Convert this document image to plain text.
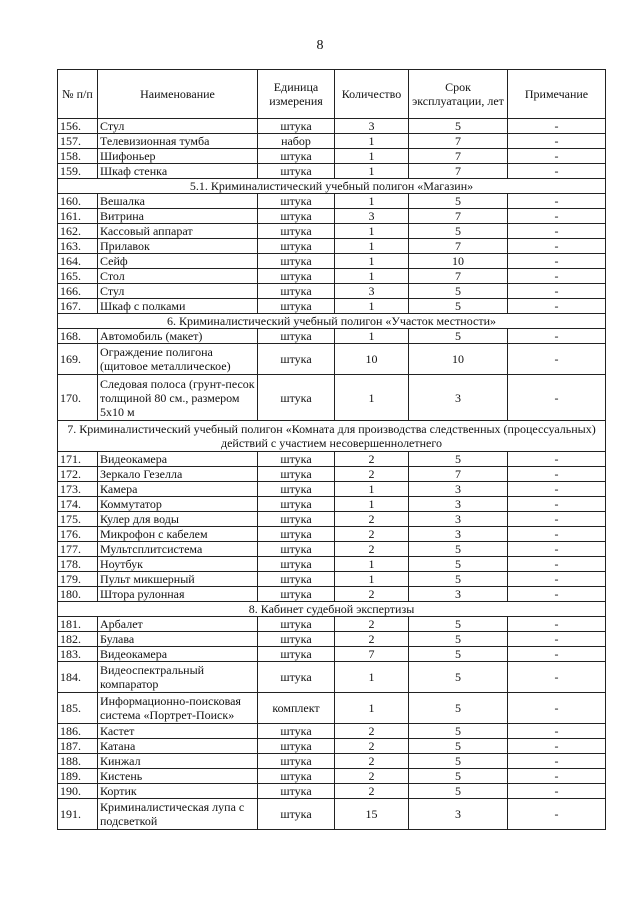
8
№ п/п	Наименование	Единица измерения	Количество	Срок эксплуатации, лет	Примечание
156.	Стул	штука	3	5	-
157.	Телевизионная тумба	набор	1	7	-
158.	Шифоньер	штука	1	7	-
159.	Шкаф стенка	штука	1	7	-
5.1. Криминалистический учебный полигон «Магазин»					
160.	Вешалка	штука	1	5	-
161.	Витрина	штука	3	7	-
162.	Кассовый аппарат	штука	1	5	-
163.	Прилавок	штука	1	7	-
164.	Сейф	штука	1	10	-
165.	Стол	штука	1	7	-
166.	Стул	штука	3	5	-
167.	Шкаф с полками	штука	1	5	-
6. Криминалистический учебный полигон «Участок местности»					
168.	Автомобиль (макет)	штука	1	5	-
169.	Ограждение полигона (щитовое металлическое)	штука	10	10	-
170.	Следовая полоса (грунт-песок толщиной 80 см., размером 5х10 м	штука	1	3	-
7. Криминалистический учебный полигон «Комната для производства следственных (процессуальных) действий с участием несовершеннолетнего					
171.	Видеокамера	штука	2	5	-
172.	Зеркало Гезелла	штука	2	7	-
173.	Камера	штука	1	3	-
174.	Коммутатор	штука	1	3	-
175.	Кулер для воды	штука	2	3	-
176.	Микрофон с кабелем	штука	2	3	-
177.	Мультсплитсистема	штука	2	5	-
178.	Ноутбук	штука	1	5	-
179.	Пульт микшерный	штука	1	5	-
180.	Штора рулонная	штука	2	3	-
8. Кабинет судебной экспертизы					
181.	Арбалет	штука	2	5	-
182.	Булава	штука	2	5	-
183.	Видеокамера	штука	7	5	-
184.	Видеоспектральный компаратор	штука	1	5	-
185.	Информационно-поисковая система «Портрет-Поиск»	комплект	1	5	-
186.	Кастет	штука	2	5	-
187.	Катана	штука	2	5	-
188.	Кинжал	штука	2	5	-
189.	Кистень	штука	2	5	-
190.	Кортик	штука	2	5	-
191.	Криминалистическая лупа с подсветкой	штука	15	3	-
